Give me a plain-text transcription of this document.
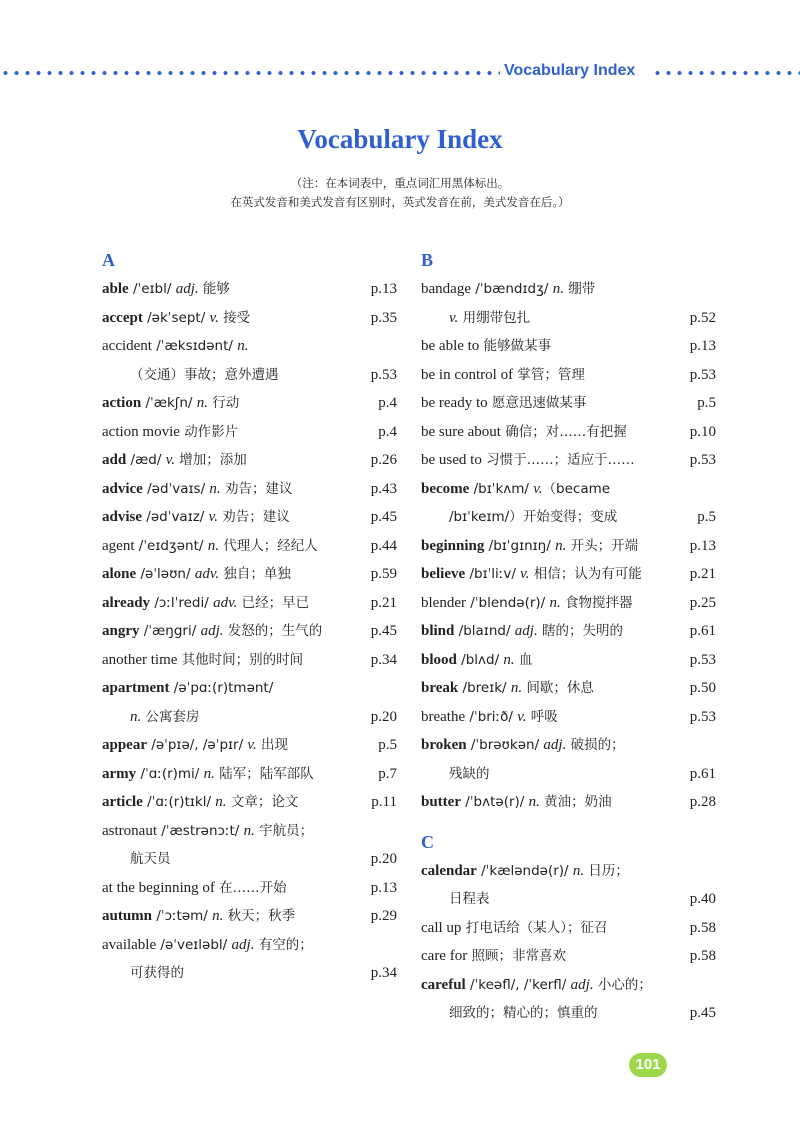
Vocabulary Index
Vocabulary Index
（注：在本词表中，重点词汇用黑体标出。
在英式发音和美式发音有区别时，英式发音在前，美式发音在后。）
A
able /ˈeɪbl/ adj. 能够	p.13
accept /əkˈsept/ v. 接受	p.35
accident /ˈæksɪdənt/ n.
（交通）事故；意外遭遇	p.53
action /ˈækʃn/ n. 行动	p.4
action movie 动作影片	p.4
add /æd/ v. 增加；添加	p.26
advice /ədˈvaɪs/ n. 劝告；建议	p.43
advise /ədˈvaɪz/ v. 劝告；建议	p.45
agent /ˈeɪdʒənt/ n. 代理人；经纪人	p.44
alone /əˈləʊn/ adv. 独自；单独	p.59
already /ɔːlˈredi/ adv. 已经；早已	p.21
angry /ˈæŋgri/ adj. 发怒的；生气的	p.45
another time 其他时间；别的时间	p.34
apartment /əˈpɑː(r)tmənt/
n. 公寓套房	p.20
appear /əˈpɪə/, /əˈpɪr/ v. 出现	p.5
army /ˈɑː(r)mi/ n. 陆军；陆军部队	p.7
article /ˈɑː(r)tɪkl/ n. 文章；论文	p.11
astronaut /ˈæstrənɔːt/ n. 宇航员；
航天员	p.20
at the beginning of 在……开始	p.13
autumn /ˈɔːtəm/ n. 秋天；秋季	p.29
available /əˈveɪləbl/ adj. 有空的；
可获得的	p.34
B
bandage /ˈbændɪdʒ/ n. 绷带
v. 用绷带包扎	p.52
be able to 能够做某事	p.13
be in control of 掌管；管理	p.53
be ready to 愿意迅速做某事	p.5
be sure about 确信；对……有把握	p.10
be used to 习惯于……；适应于……	p.53
become /bɪˈkʌm/ v.（became
/bɪˈkeɪm/）开始变得；变成	p.5
beginning /bɪˈgɪnɪŋ/ n. 开头；开端	p.13
believe /bɪˈliːv/ v. 相信；认为有可能	p.21
blender /ˈblendə(r)/ n. 食物搅拌器	p.25
blind /blaɪnd/ adj. 瞎的；失明的	p.61
blood /blʌd/ n. 血	p.53
break /breɪk/ n. 间歇；休息	p.50
breathe /ˈbriːð/ v. 呼吸	p.53
broken /ˈbrəʊkən/ adj. 破损的；
残缺的	p.61
butter /ˈbʌtə(r)/ n. 黄油；奶油	p.28
C
calendar /ˈkæləndə(r)/ n. 日历；
日程表	p.40
call up 打电话给（某人）；征召	p.58
care for 照顾；非常喜欢	p.58
careful /ˈkeəfl/, /ˈkerfl/ adj. 小心的；
细致的；精心的；慎重的	p.45
101
